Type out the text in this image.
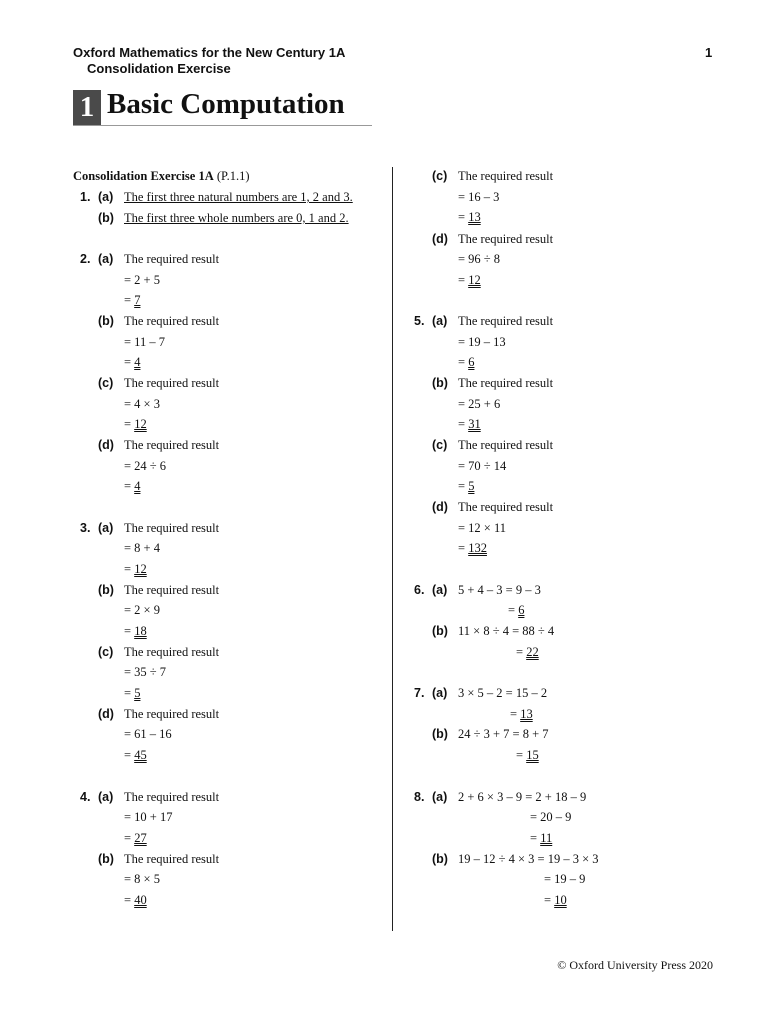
Oxford Mathematics for the New Century 1A
Consolidation Exercise
1
1 Basic Computation
Consolidation Exercise 1A (P.1.1)
1. (a) The first three natural numbers are 1, 2 and 3.
(b) The first three whole numbers are 0, 1 and 2.
2. (a) The required result
= 2 + 5
= 7
(b) The required result
= 11 – 7
= 4
(c) The required result
= 4 × 3
= 12
(d) The required result
= 24 ÷ 6
= 4
3. (a) The required result
= 8 + 4
= 12
(b) The required result
= 2 × 9
= 18
(c) The required result
= 35 ÷ 7
= 5
(d) The required result
= 61 – 16
= 45
4. (a) The required result
= 10 + 17
= 27
(b) The required result
= 8 × 5
= 40
(c) The required result
= 16 – 3
= 13
(d) The required result
= 96 ÷ 8
= 12
5. (a) The required result
= 19 – 13
= 6
(b) The required result
= 25 + 6
= 31
(c) The required result
= 70 ÷ 14
= 5
(d) The required result
= 12 × 11
= 132
6. (a) 5 + 4 – 3 = 9 – 3
= 6
(b) 11 × 8 ÷ 4 = 88 ÷ 4
= 22
7. (a) 3 × 5 – 2 = 15 – 2
= 13
(b) 24 ÷ 3 + 7 = 8 + 7
= 15
8. (a) 2 + 6 × 3 – 9 = 2 + 18 – 9
= 20 – 9
= 11
(b) 19 – 12 ÷ 4 × 3 = 19 – 3 × 3
= 19 – 9
= 10
© Oxford University Press 2020
